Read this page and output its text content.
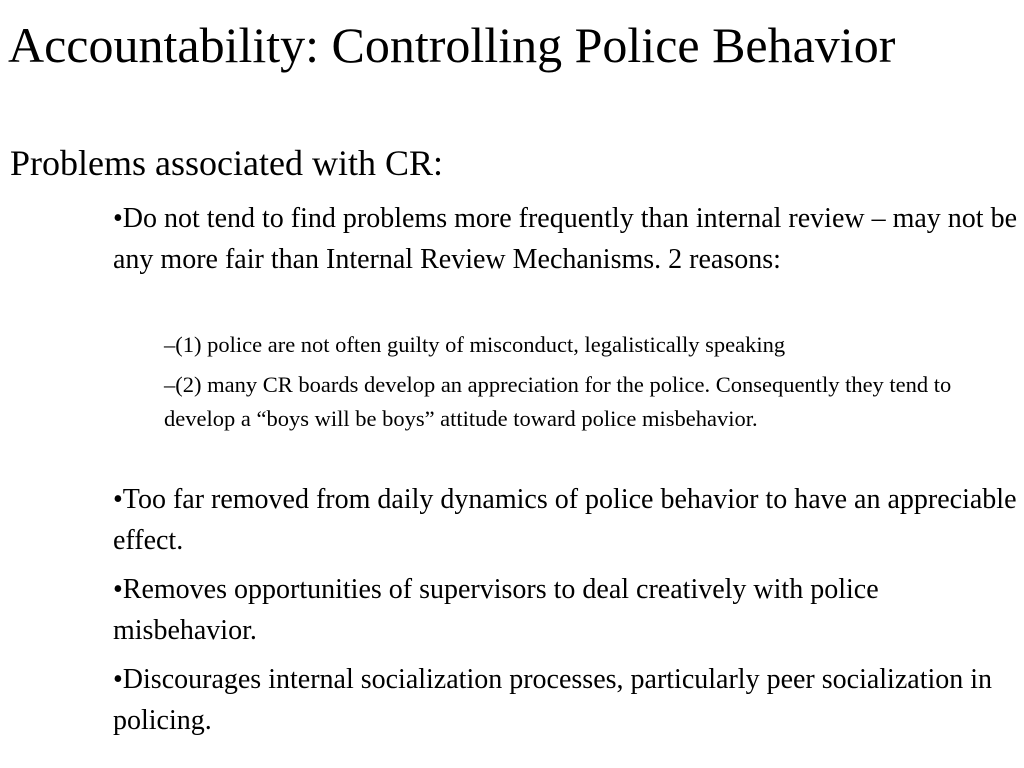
Accountability: Controlling Police Behavior
Problems associated with CR:

•Do not tend to find problems more frequently than internal review – may not be any more fair than Internal Review Mechanisms. 2 reasons:

–(1) police are not often guilty of misconduct, legalistically speaking

–(2) many CR boards develop an appreciation for the police. Consequently they tend to develop a “boys will be boys” attitude toward police misbehavior.

•Too far removed from daily dynamics of police behavior to have an appreciable effect.

•Removes opportunities of supervisors to deal creatively with police misbehavior.

•Discourages internal socialization processes, particularly peer socialization in policing.
